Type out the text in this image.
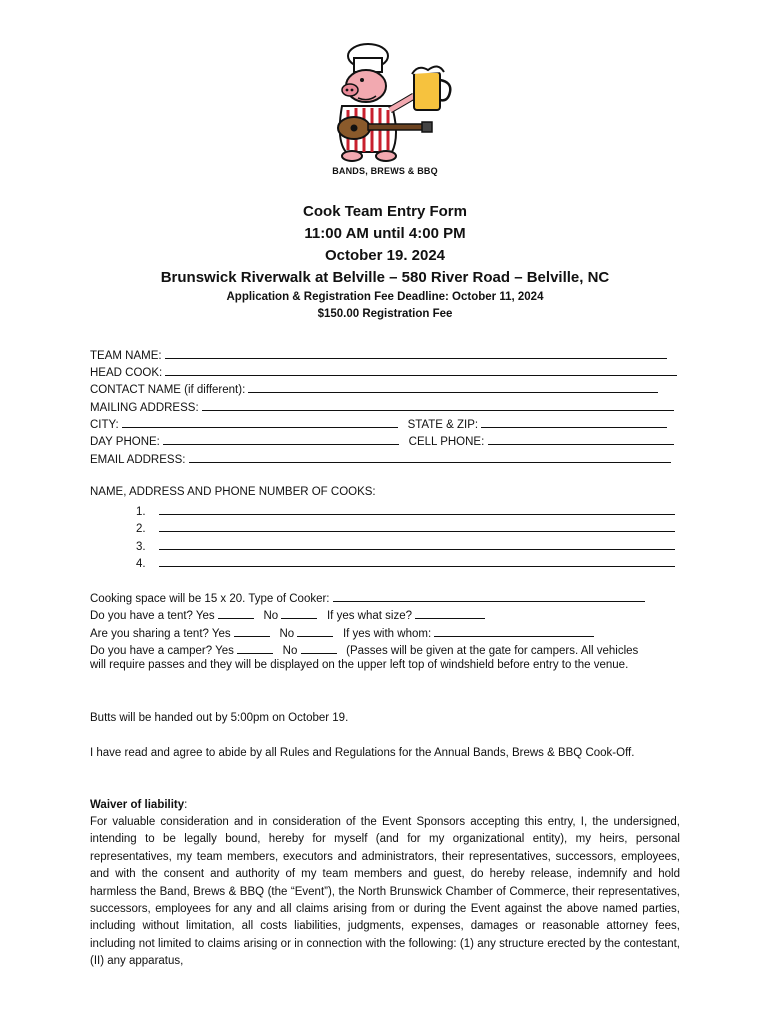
BANDS, BREWS & BBQ
Cook Team Entry Form
11:00 AM until 4:00 PM
October 19. 2024
Brunswick Riverwalk at Belville – 580 River Road – Belville, NC
Application & Registration Fee Deadline: October 11, 2024
$150.00 Registration Fee
TEAM NAME:
HEAD COOK:
CONTACT NAME (if different):
MAILING ADDRESS:
CITY:	STATE & ZIP:
DAY PHONE:	CELL PHONE:
EMAIL ADDRESS:
NAME, ADDRESS AND PHONE NUMBER OF COOKS:
1.
2.
3.
4.
Cooking space will be 15 x 20. Type of Cooker:
Do you have a tent? Yes	No	If yes what size?
Are you sharing a tent? Yes	No	If yes with whom:
Do you have a camper? Yes	No	(Passes will be given at the gate for campers. All vehicles
will require passes and they will be displayed on the upper left top of windshield before entry to the venue.
Butts will be handed out by 5:00pm on October 19.
I have read and agree to abide by all Rules and Regulations for the Annual Bands, Brews & BBQ Cook-Off.
Waiver of liability:
For valuable consideration and in consideration of the Event Sponsors accepting this entry, I, the undersigned, intending to be legally bound, hereby for myself (and for my organizational entity), my heirs, personal representatives, my team members, executors and administrators, their representatives, successors, employees, and with the consent and authority of my team members and guest, do hereby release, indemnify and hold harmless the Band, Brews & BBQ (the “Event”), the North Brunswick Chamber of Commerce, their representatives, successors, employees for any and all claims arising from or during the Event against the above named parties, including without limitation, all costs liabilities, judgments, expenses, damages or reasonable attorney fees, including not limited to claims arising or in connection with the following: (1) any structure erected by the contestant, (II) any apparatus,
